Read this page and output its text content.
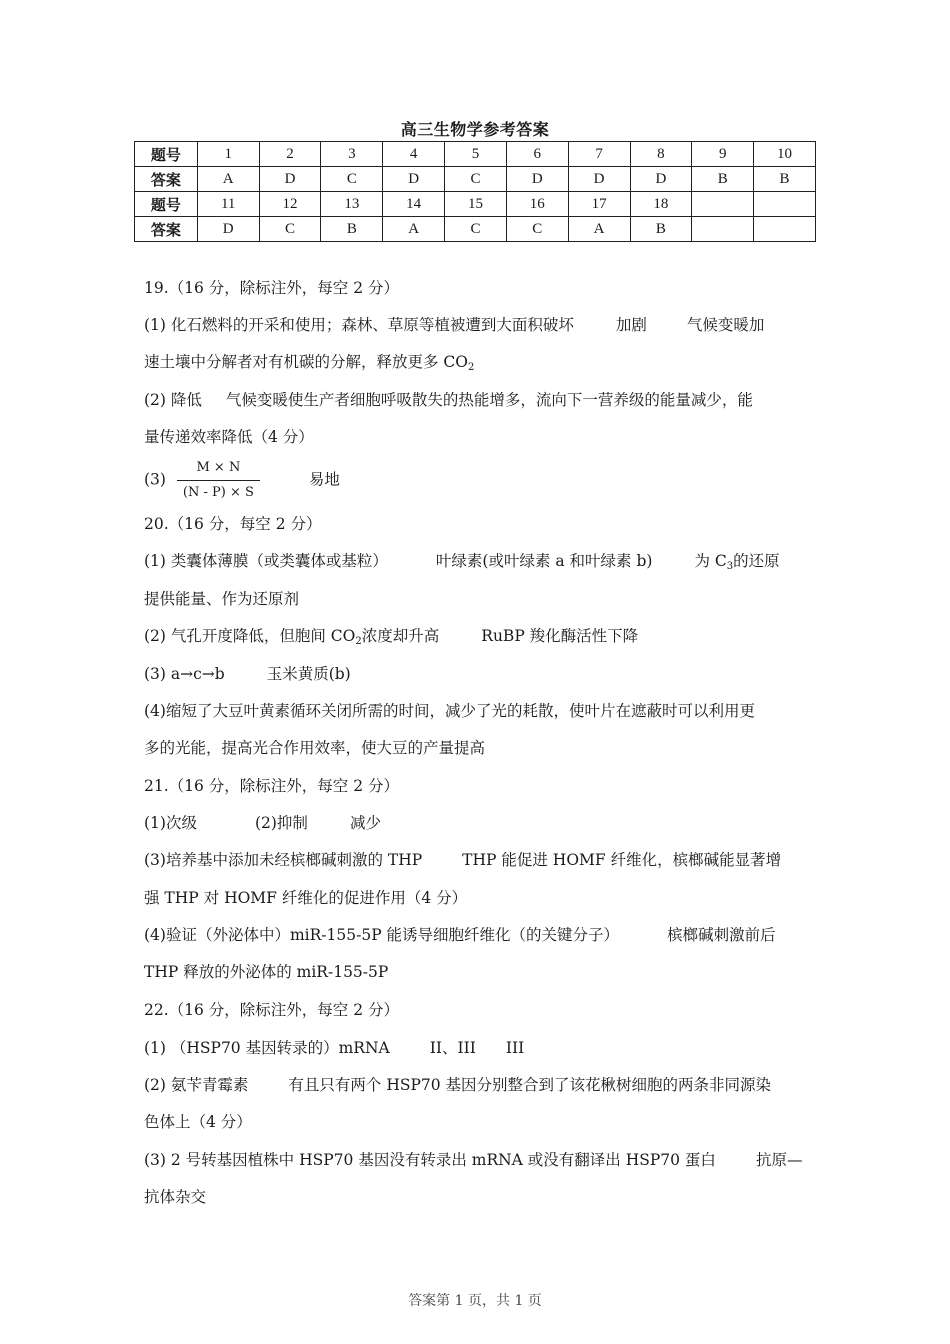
高三生物学参考答案
题号	1	2	3	4	5	6	7	8	9	10
答案	A	D	C	D	C	D	D	D	B	B
题号	11	12	13	14	15	16	17	18		
答案	D	C	B	A	C	C	A	B		
19.（16 分，除标注外，每空 2 分）
(1) 化石燃料的开采和使用；森林、草原等植被遭到大面积破坏	加剧	气候变暖加
速土壤中分解者对有机碳的分解，释放更多 $CO_2$
(2) 降低 气候变暖使生产者细胞呼吸散失的热能增多，流向下一营养级的能量减少，能
量传递效率降低（4 分）
$(3) \frac{M \times N}{(N - P) \times S}$	易地
20.（16 分，每空 2 分）
(1) 类囊体薄膜（或类囊体或基粒）	叶绿素(或叶绿素 a 和叶绿素 b)	为 $C_3$的还原
提供能量、作为还原剂
(2) 气孔开度降低，但胞间 $CO_2$浓度却升高	RuBP 羧化酶活性下降
(3) a→c→b	玉米黄质(b)
(4)缩短了大豆叶黄素循环关闭所需的时间，减少了光的耗散，使叶片在遮蔽时可以利用更
多的光能，提高光合作用效率，使大豆的产量提高
21.（16 分，除标注外，每空 2 分）
(1)次级	(2)抑制	减少
(3)培养基中添加未经槟榔碱刺激的 THP	THP 能促进 HOMF 纤维化，槟榔碱能显著增
强 THP 对 HOMF 纤维化的促进作用（4 分）
(4)验证（外泌体中）miR-155-5P 能诱导细胞纤维化（的关键分子）	槟榔碱刺激前后
THP 释放的外泌体的 miR-155-5P
22.（16 分，除标注外，每空 2 分）
(1) （HSP70 基因转录的）mRNA	II、III III
(2) 氨苄青霉素	有且只有两个 HSP70 基因分别整合到了该花楸树细胞的两条非同源染
色体上（4 分）
(3) 2 号转基因植株中 HSP70 基因没有转录出 mRNA 或没有翻译出 HSP70 蛋白	抗原—
抗体杂交
答案第 1 页，共 1 页
